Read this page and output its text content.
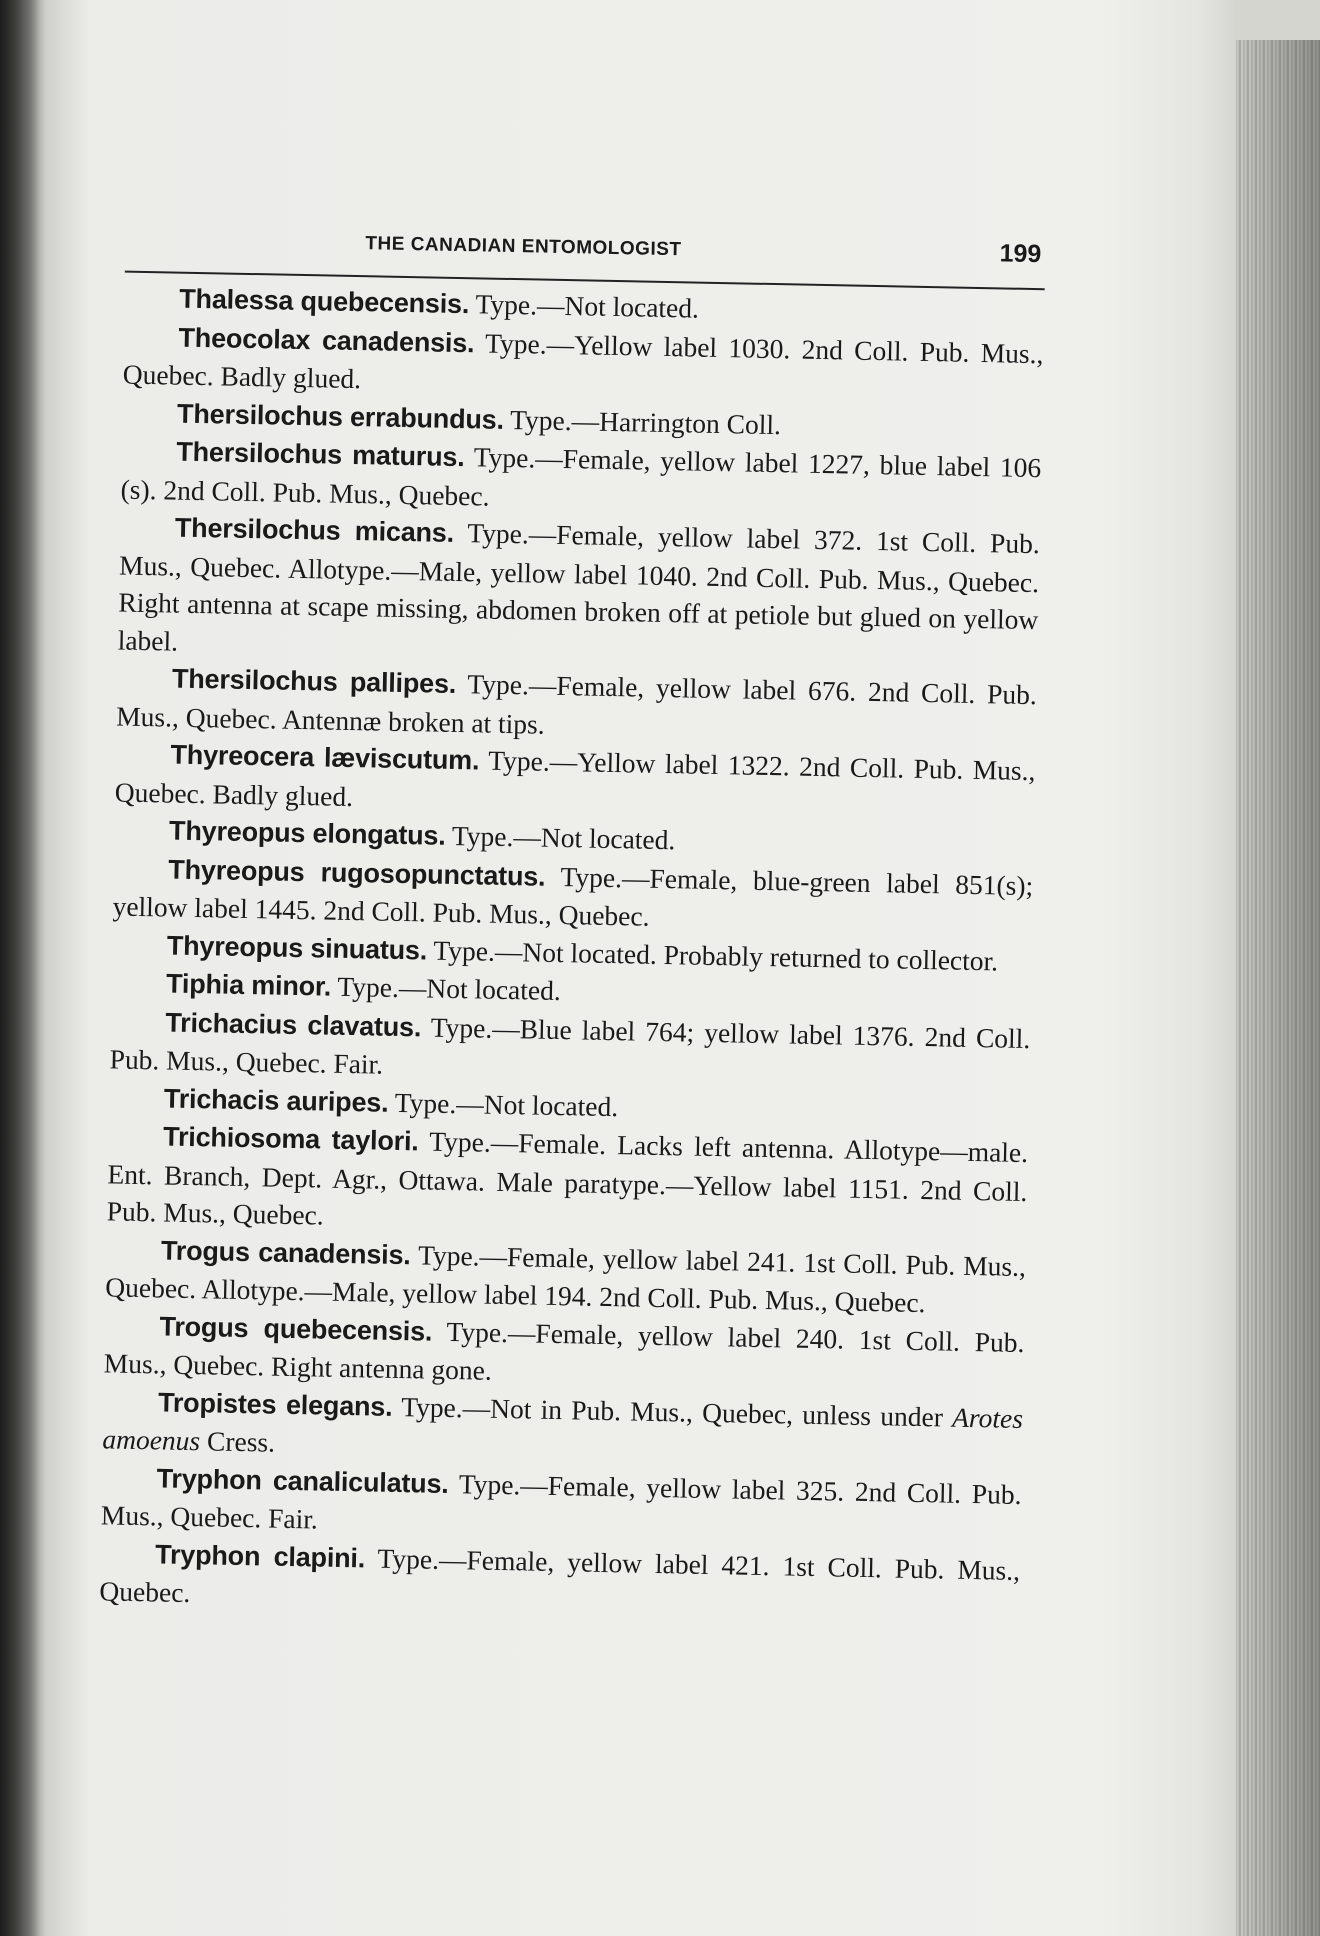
THE CANADIAN ENTOMOLOGIST	199

Thalessa quebecensis. Type.—Not located.

Theocolax canadensis. Type.—Yellow label 1030. 2nd Coll. Pub. Mus., Quebec. Badly glued.

Thersilochus errabundus. Type.—Harrington Coll.

Thersilochus maturus. Type.—Female, yellow label 1227, blue label 106 (s). 2nd Coll. Pub. Mus., Quebec.

Thersilochus micans. Type.—Female, yellow label 372. 1st Coll. Pub. Mus., Quebec. Allotype.—Male, yellow label 1040. 2nd Coll. Pub. Mus., Quebec. Right antenna at scape missing, abdomen broken off at petiole but glued on yellow label.

Thersilochus pallipes. Type.—Female, yellow label 676. 2nd Coll. Pub. Mus., Quebec. Antennæ broken at tips.

Thyreocera læviscutum. Type.—Yellow label 1322. 2nd Coll. Pub. Mus., Quebec. Badly glued.

Thyreopus elongatus. Type.—Not located.

Thyreopus rugosopunctatus. Type.—Female, blue-green label 851(s); yellow label 1445. 2nd Coll. Pub. Mus., Quebec.

Thyreopus sinuatus. Type.—Not located. Probably returned to collector.

Tiphia minor. Type.—Not located.

Trichacius clavatus. Type.—Blue label 764; yellow label 1376. 2nd Coll. Pub. Mus., Quebec. Fair.

Trichacis auripes. Type.—Not located.

Trichiosoma taylori. Type.—Female. Lacks left antenna. Allotype—male. Ent. Branch, Dept. Agr., Ottawa. Male paratype.—Yellow label 1151. 2nd Coll. Pub. Mus., Quebec.

Trogus canadensis. Type.—Female, yellow label 241. 1st Coll. Pub. Mus., Quebec. Allotype.—Male, yellow label 194. 2nd Coll. Pub. Mus., Quebec.

Trogus quebecensis. Type.—Female, yellow label 240. 1st Coll. Pub. Mus., Quebec. Right antenna gone.

Tropistes elegans. Type.—Not in Pub. Mus., Quebec, unless under Arotes amoenus Cress.

Tryphon canaliculatus. Type.—Female, yellow label 325. 2nd Coll. Pub. Mus., Quebec. Fair.

Tryphon clapini. Type.—Female, yellow label 421. 1st Coll. Pub. Mus., Quebec.
